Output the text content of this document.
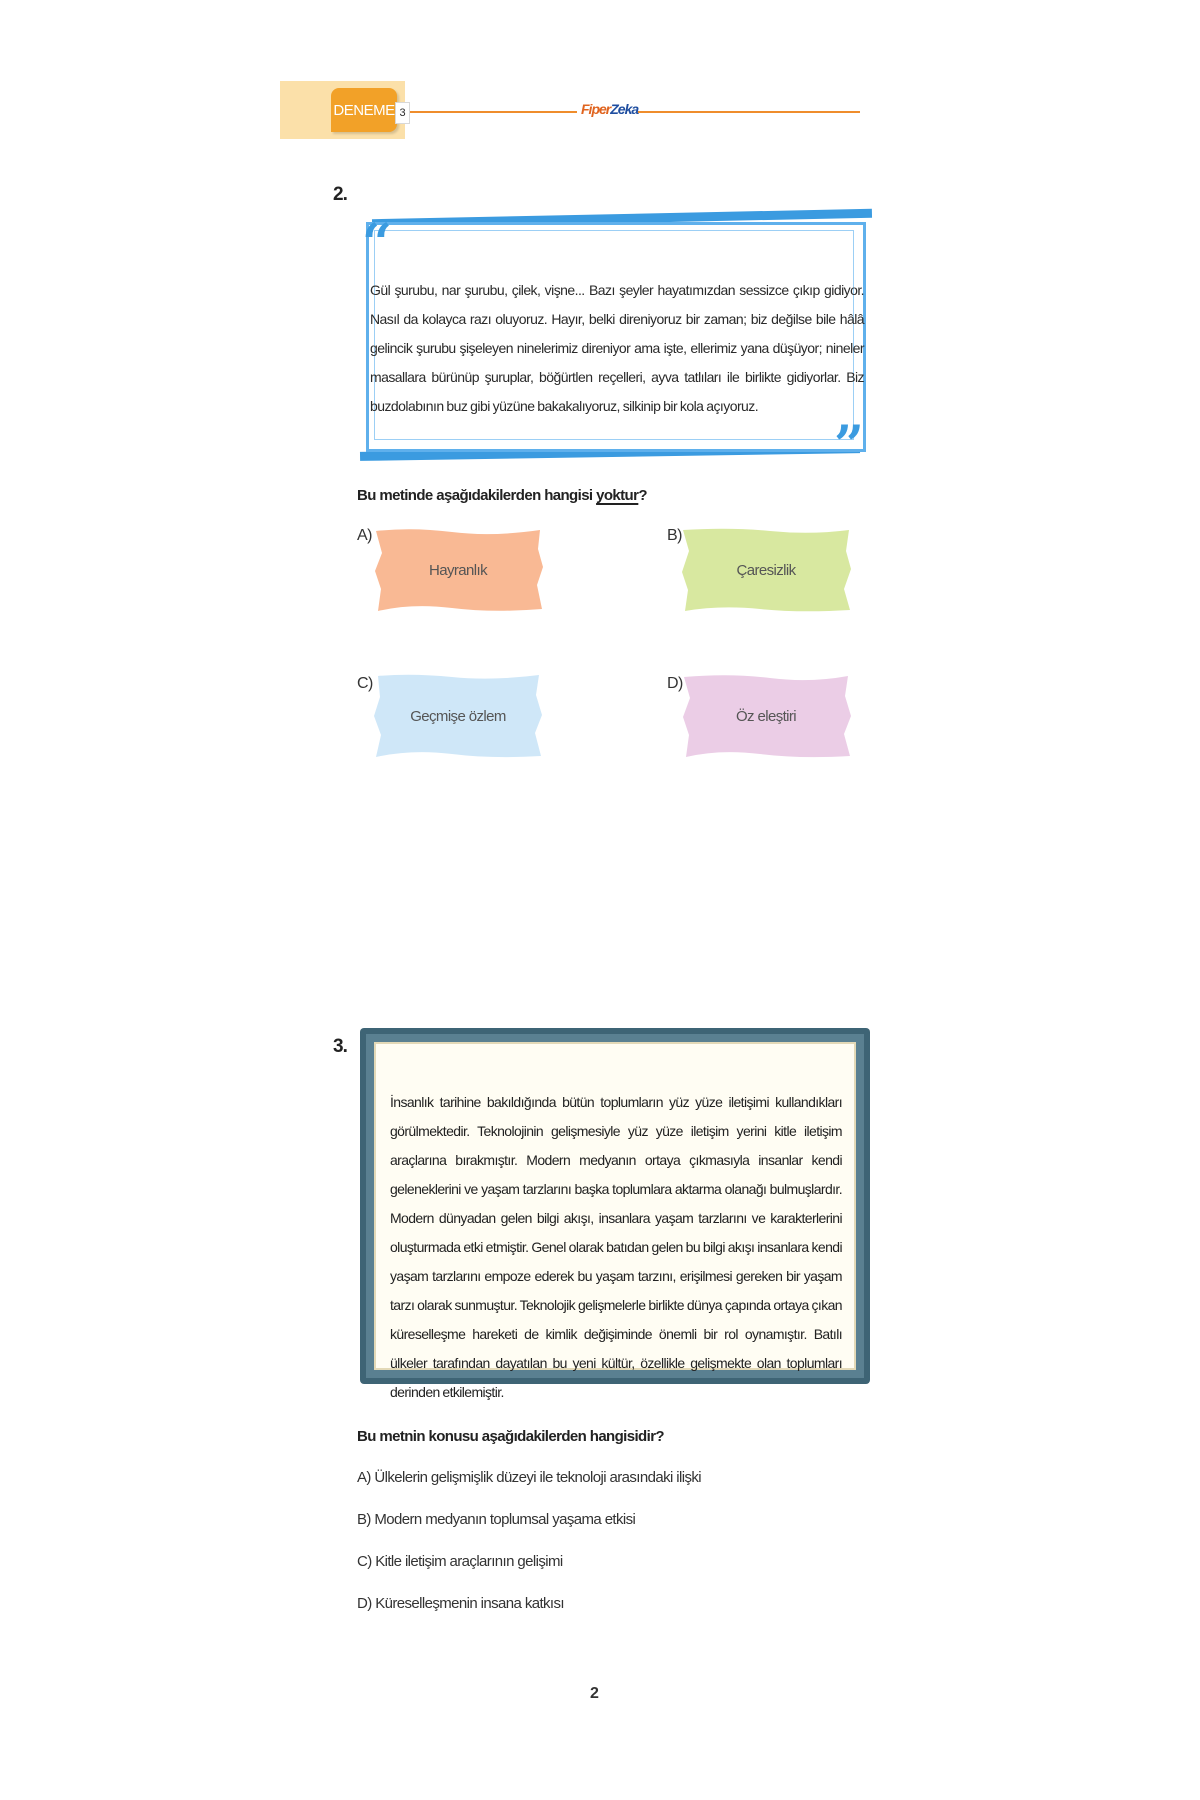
DENEME 3	FiperZeka
2.
“
”
Gül şurubu, nar şurubu, çilek, vişne... Bazı şeyler hayatımızdan sessizce çıkıp gidiyor. Nasıl da kolayca razı oluyoruz. Hayır, belki direniyoruz bir zaman; biz değilse bile hâlâ gelincik şurubu şişeleyen ninelerimiz direniyor ama işte, ellerimiz yana düşüyor; nineler masallara bürünüp şuruplar, böğürtlen reçelleri, ayva tatlıları ile birlikte gidiyorlar. Biz buzdolabının buz gibi yüzüne bakakalıyoruz, silkinip bir kola açıyoruz.
Bu metinde aşağıdakilerden hangisi yoktur?
A)
Hayranlık
B)
Çaresizlik
C)
Geçmişe özlem
D)
Öz eleştiri
3.
İnsanlık tarihine bakıldığında bütün toplumların yüz yüze iletişimi kullandıkları görülmektedir. Teknolojinin gelişmesiyle yüz yüze iletişim yerini kitle iletişim araçlarına bırakmıştır. Modern medyanın ortaya çıkmasıyla insanlar kendi geleneklerini ve yaşam tarzlarını başka toplumlara aktarma olanağı bulmuşlardır. Modern dünyadan gelen bilgi akışı, insanlara yaşam tarzlarını ve karakterlerini oluşturmada etki etmiştir. Genel olarak batıdan gelen bu bilgi akışı insanlara kendi yaşam tarzlarını empoze ederek bu yaşam tarzını, erişilmesi gereken bir yaşam tarzı olarak sunmuştur. Teknolojik gelişmelerle birlikte dünya çapında ortaya çıkan küreselleşme hareketi de kimlik değişiminde önemli bir rol oynamıştır. Batılı ülkeler tarafından dayatılan bu yeni kültür, özellikle gelişmekte olan toplumları derinden etkilemiştir.
Bu metnin konusu aşağıdakilerden hangisidir?
A) Ülkelerin gelişmişlik düzeyi ile teknoloji arasındaki ilişki
B) Modern medyanın toplumsal yaşama etkisi
C) Kitle iletişim araçlarının gelişimi
D) Küreselleşmenin insana katkısı
2
